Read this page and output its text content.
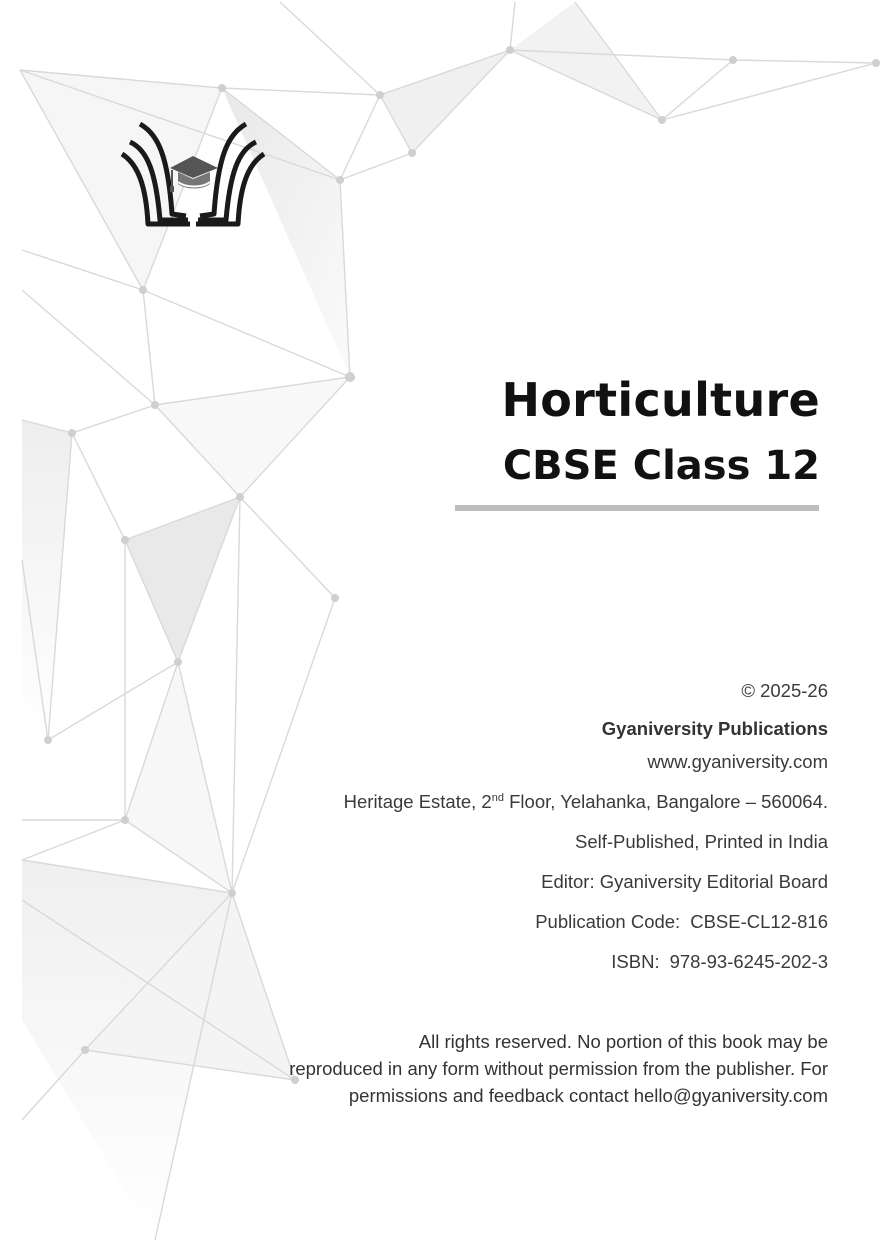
Horticulture
CBSE Class 12
© 2025-26
Gyaniversity Publications
www.gyaniversity.com
Heritage Estate, 2nd Floor, Yelahanka, Bangalore – 560064.
Self-Published, Printed in India
Editor: Gyaniversity Editorial Board
Publication Code: CBSE-CL12-816
ISBN: 978-93-6245-202-3
All rights reserved. No portion of this book may be
reproduced in any form without permission from the publisher. For
permissions and feedback contact hello@gyaniversity.com
